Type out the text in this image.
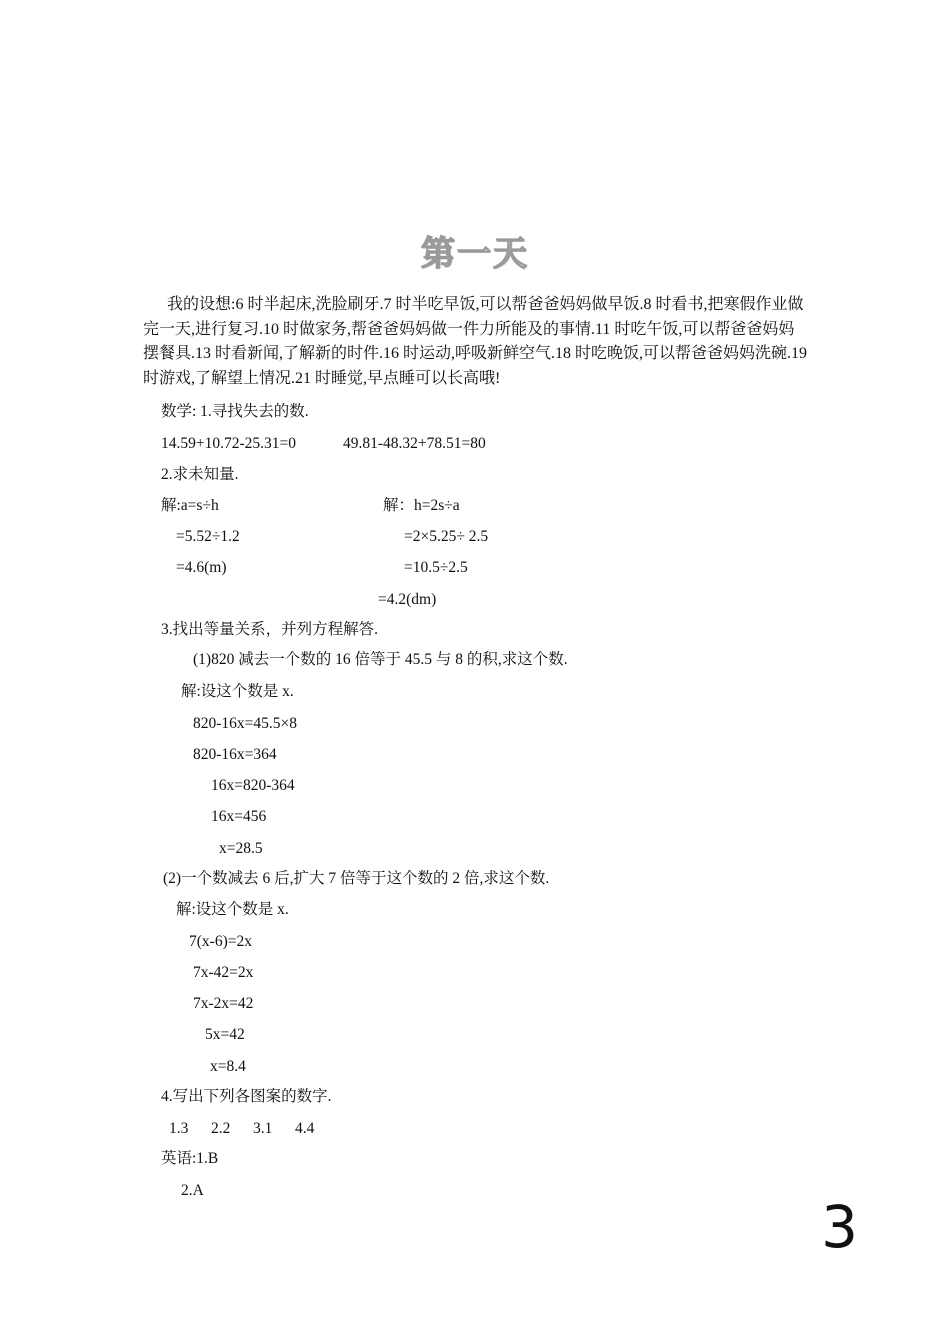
第一天
我的设想:6 时半起床,洗脸刷牙.7 时半吃早饭,可以帮爸爸妈妈做早饭.8 时看书,把寒假作业做完一天,进行复习.10 时做家务,帮爸爸妈妈做一件力所能及的事情.11 时吃午饭,可以帮爸爸妈妈摆餐具.13 时看新闻,了解新的时件.16 时运动,呼吸新鲜空气.18 时吃晚饭,可以帮爸爸妈妈洗碗.19 时游戏,了解望上情况.21 时睡觉,早点睡可以长高哦!
数学: 1.寻找失去的数.
14.59+10.72-25.31=0	49.81-48.32+78.51=80
2.求未知量.
解:a=s÷h
=5.52÷1.2
=4.6(m)
解：h=2s÷a
=2×5.25÷ 2.5
=10.5÷2.5
=4.2(dm)
3.找出等量关系，并列方程解答.
(1)820 减去一个数的 16 倍等于 45.5 与 8 的积,求这个数.
解:设这个数是 x.
820-16x=45.5×8
820-16x=364
16x=820-364
16x=456
x=28.5
(2)一个数减去 6 后,扩大 7 倍等于这个数的 2 倍,求这个数.
解:设这个数是 x.
7(x-6)=2x
7x-42=2x
7x-2x=42
5x=42
x=8.4
4.写出下列各图案的数字.
1.3 2.2 3.1 4.4
英语:1.B
2.A
3
